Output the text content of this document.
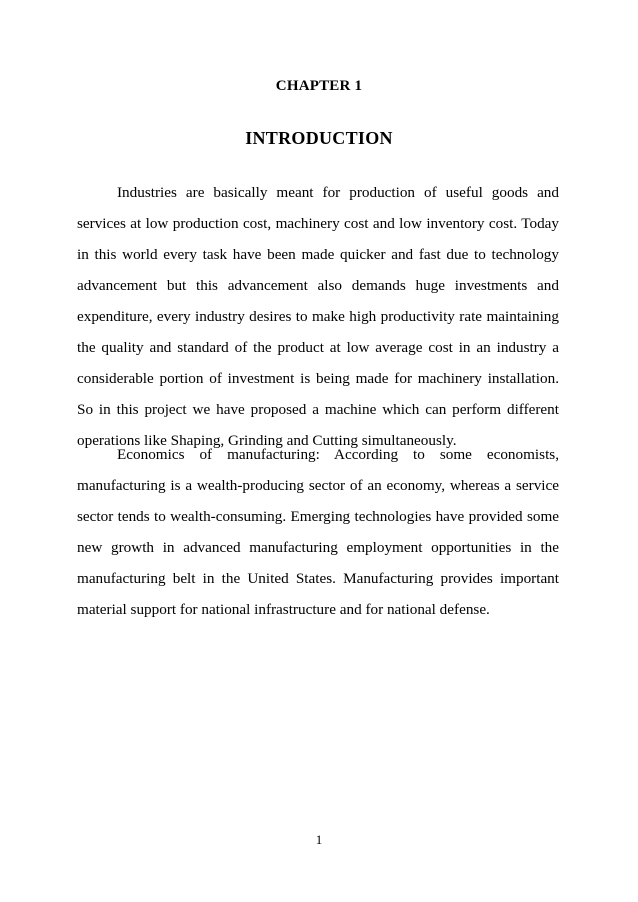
CHAPTER 1
INTRODUCTION

Industries are basically meant for production of useful goods and services at low production cost, machinery cost and low inventory cost. Today in this world every task have been made quicker and fast due to technology advancement but this advancement also demands huge investments and expenditure, every industry desires to make high productivity rate maintaining the quality and standard of the product at low average cost in an industry a considerable portion of investment is being made for machinery installation. So in this project we have proposed a machine which can perform different operations like Shaping, Grinding and Cutting simultaneously.

Economics of manufacturing: According to some economists, manufacturing is a wealth-producing sector of an economy, whereas a service sector tends to wealth-consuming. Emerging technologies have provided some new growth in advanced manufacturing employment opportunities in the manufacturing belt in the United States. Manufacturing provides important material support for national infrastructure and for national defense.

1
